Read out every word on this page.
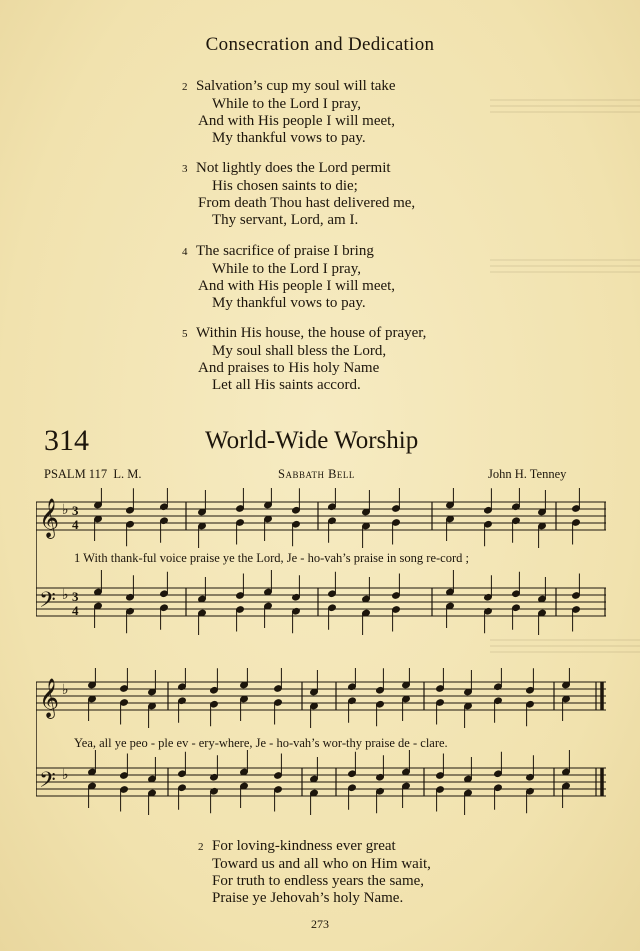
Consecration and Dedication
2 Salvation’s cup my soul will take
While to the Lord I pray,
And with His people I will meet,
My thankful vows to pay.
3 Not lightly does the Lord permit
His chosen saints to die;
From death Thou hast delivered me,
Thy servant, Lord, am I.
4 The sacrifice of praise I bring
While to the Lord I pray,
And with His people I will meet,
My thankful vows to pay.
5 Within His house, the house of prayer,
My soul shall bless the Lord,
And praises to His holy Name
Let all His saints accord.
314	World-Wide Worship
PSALM 117 L. M.	Sabbath Bell	John H. Tenney
𝄞
𝄢
♭
♭
3
4
3
4
1 With thank-ful voice praise ye the Lord, Je - ho-vah’s praise in song re-cord ;
𝄞
𝄢
♭
♭
Yea, all ye peo - ple ev - ery-where, Je - ho-vah’s wor-thy praise de - clare.
2 For loving-kindness ever great
Toward us and all who on Him wait,
For truth to endless years the same,
Praise ye Jehovah’s holy Name.
273
